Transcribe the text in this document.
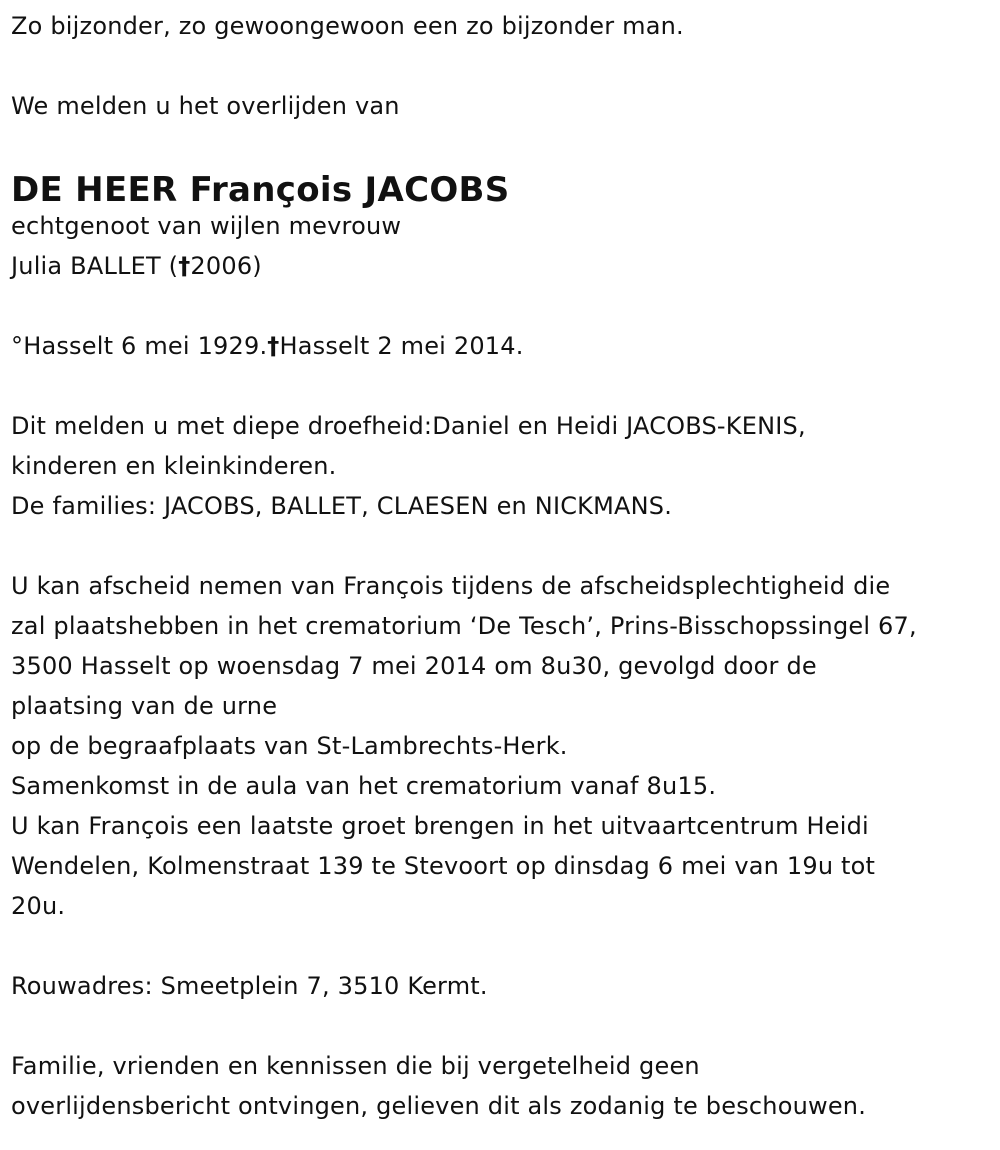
Zo bijzonder, zo gewoongewoon een zo bijzonder man.
We melden u het overlijden van
DE HEER François JACOBS
echtgenoot van wijlen mevrouw
Julia BALLET (†2006)
°Hasselt 6 mei 1929.†Hasselt 2 mei 2014.
Dit melden u met diepe droefheid:Daniel en Heidi JACOBS-KENIS,
kinderen en kleinkinderen.
De families: JACOBS, BALLET, CLAESEN en NICKMANS.
U kan afscheid nemen van François tijdens de afscheidsplechtigheid die
zal plaatshebben in het crematorium ‘De Tesch’, Prins-Bisschopssingel 67,
3500 Hasselt op woensdag 7 mei 2014 om 8u30, gevolgd door de
plaatsing van de urne
op de begraafplaats van St-Lambrechts-Herk.
Samenkomst in de aula van het crematorium vanaf 8u15.
U kan François een laatste groet brengen in het uitvaartcentrum Heidi
Wendelen, Kolmenstraat 139 te Stevoort op dinsdag 6 mei van 19u tot
20u.
Rouwadres: Smeetplein 7, 3510 Kermt.
Familie, vrienden en kennissen die bij vergetelheid geen
overlijdensbericht ontvingen, gelieven dit als zodanig te beschouwen.
